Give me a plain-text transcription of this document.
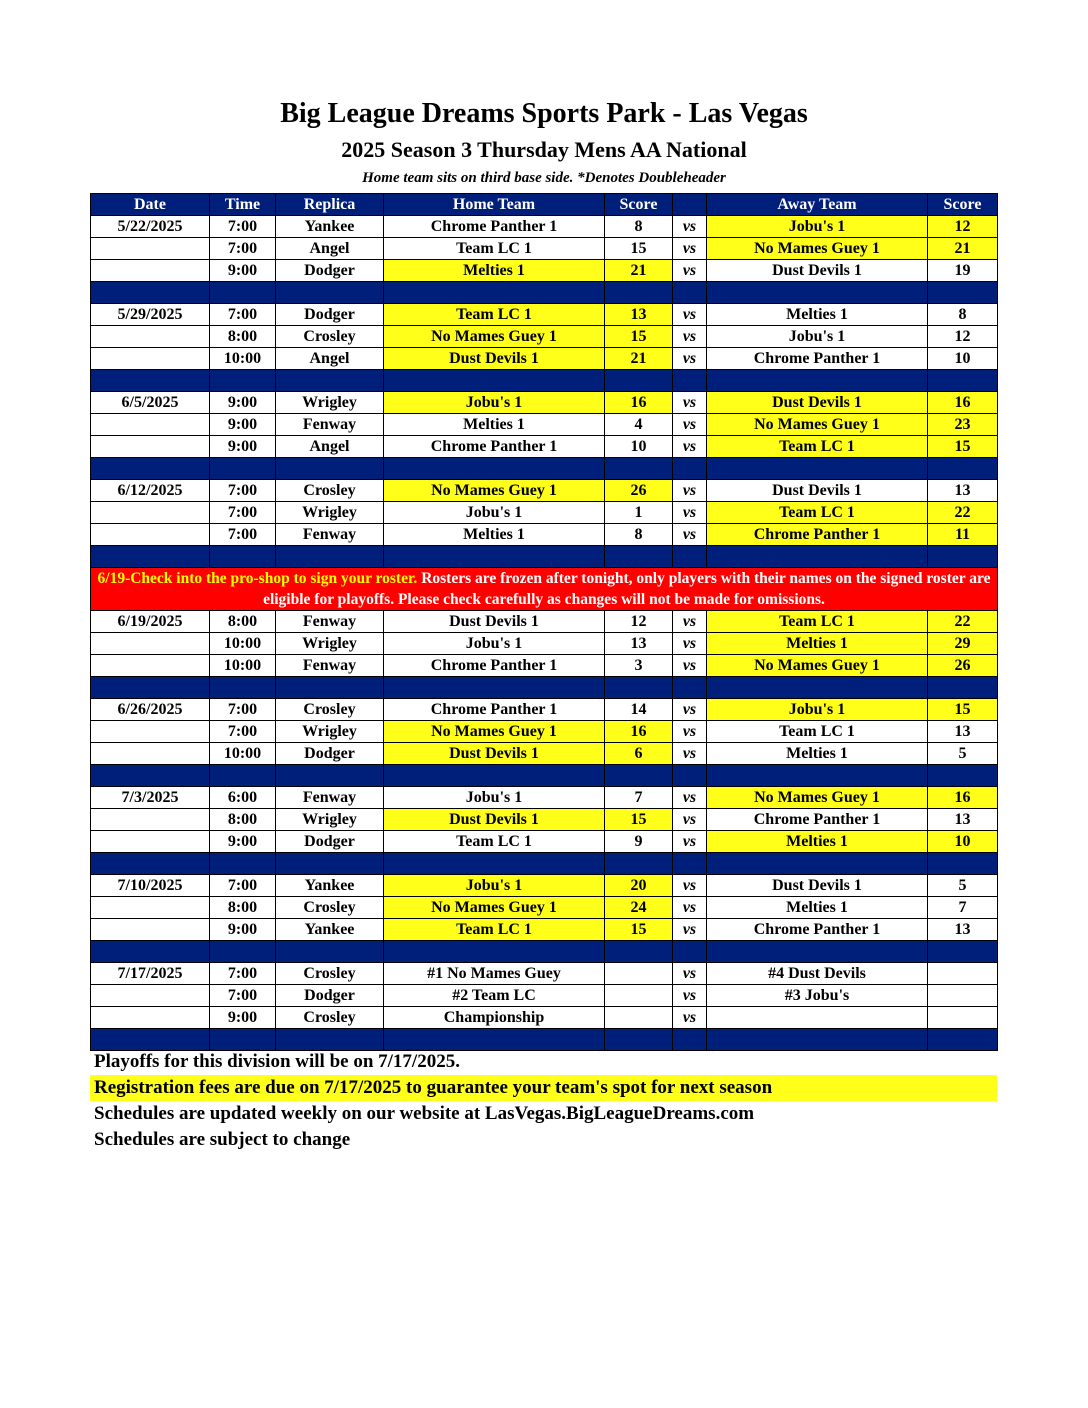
Big League Dreams Sports Park - Las Vegas
2025 Season 3 Thursday Mens AA National
Home team sits on third base side. *Denotes Doubleheader
Date	Time	Replica	Home Team	Score		Away Team	Score
5/22/2025	7:00	Yankee	Chrome Panther 1	8	vs	Jobu's 1	12
	7:00	Angel	Team LC 1	15	vs	No Mames Guey 1	21
	9:00	Dodger	Melties 1	21	vs	Dust Devils 1	19

5/29/2025	7:00	Dodger	Team LC 1	13	vs	Melties 1	8
	8:00	Crosley	No Mames Guey 1	15	vs	Jobu's 1	12
	10:00	Angel	Dust Devils 1	21	vs	Chrome Panther 1	10

6/5/2025	9:00	Wrigley	Jobu's 1	16	vs	Dust Devils 1	16
	9:00	Fenway	Melties 1	4	vs	No Mames Guey 1	23
	9:00	Angel	Chrome Panther 1	10	vs	Team LC 1	15

6/12/2025	7:00	Crosley	No Mames Guey 1	26	vs	Dust Devils 1	13
	7:00	Wrigley	Jobu's 1	1	vs	Team LC 1	22
	7:00	Fenway	Melties 1	8	vs	Chrome Panther 1	11

6/19-Check into the pro-shop to sign your roster. Rosters are frozen after tonight, only players with their names on the signed roster are eligible for playoffs. Please check carefully as changes will not be made for omissions.							
6/19/2025	8:00	Fenway	Dust Devils 1	12	vs	Team LC 1	22
	10:00	Wrigley	Jobu's 1	13	vs	Melties 1	29
	10:00	Fenway	Chrome Panther 1	3	vs	No Mames Guey 1	26

6/26/2025	7:00	Crosley	Chrome Panther 1	14	vs	Jobu's 1	15
	7:00	Wrigley	No Mames Guey 1	16	vs	Team LC 1	13
	10:00	Dodger	Dust Devils 1	6	vs	Melties 1	5

7/3/2025	6:00	Fenway	Jobu's 1	7	vs	No Mames Guey 1	16
	8:00	Wrigley	Dust Devils 1	15	vs	Chrome Panther 1	13
	9:00	Dodger	Team LC 1	9	vs	Melties 1	10

7/10/2025	7:00	Yankee	Jobu's 1	20	vs	Dust Devils 1	5
	8:00	Crosley	No Mames Guey 1	24	vs	Melties 1	7
	9:00	Yankee	Team LC 1	15	vs	Chrome Panther 1	13

7/17/2025	7:00	Crosley	#1 No Mames Guey		vs	#4 Dust Devils	
	7:00	Dodger	#2 Team LC		vs	#3 Jobu's	
	9:00	Crosley	Championship		vs		

Playoffs for this division will be on 7/17/2025.
Registration fees are due on 7/17/2025 to guarantee your team's spot for next season
Schedules are updated weekly on our website at LasVegas.BigLeagueDreams.com
Schedules are subject to change
